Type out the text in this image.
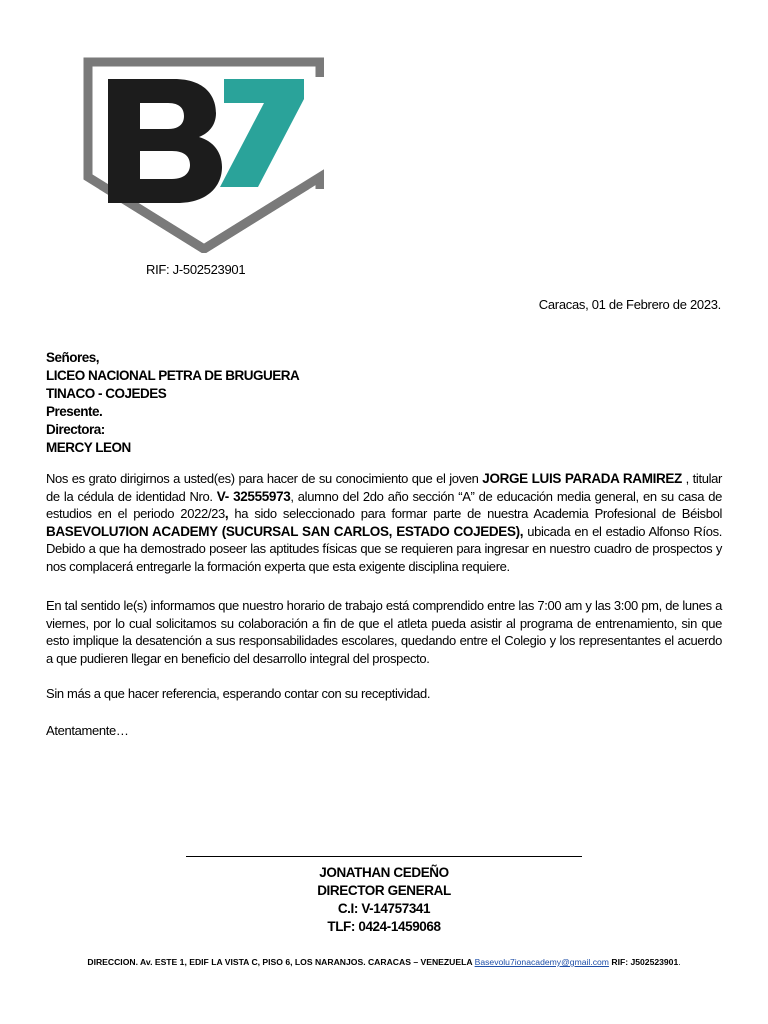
RIF: J-502523901
Caracas, 01 de Febrero de 2023.
Señores,
LICEO NACIONAL PETRA DE BRUGUERA
TINACO - COJEDES
Presente.
Directora:
MERCY LEON
Nos es grato dirigirnos a usted(es) para hacer de su conocimiento que el joven JORGE LUIS PARADA RAMIREZ , titular de la cédula de identidad Nro. V- 32555973, alumno del 2do año sección “A” de educación media general, en su casa de estudios en el periodo 2022/23, ha sido seleccionado para formar parte de nuestra Academia Profesional de Béisbol BASEVOLU7ION ACADEMY (SUCURSAL SAN CARLOS, ESTADO COJEDES), ubicada en el estadio Alfonso Ríos. Debido a que ha demostrado poseer las aptitudes físicas que se requieren para ingresar en nuestro cuadro de prospectos y nos complacerá entregarle la formación experta que esta exigente disciplina requiere.
En tal sentido le(s) informamos que nuestro horario de trabajo está comprendido entre las 7:00 am y las 3:00 pm, de lunes a viernes, por lo cual solicitamos su colaboración a fin de que el atleta pueda asistir al programa de entrenamiento, sin que esto implique la desatención a sus responsabilidades escolares, quedando entre el Colegio y los representantes el acuerdo a que pudieren llegar en beneficio del desarrollo integral del prospecto.
Sin más a que hacer referencia, esperando contar con su receptividad.
Atentamente…
JONATHAN CEDEÑO
DIRECTOR GENERAL
C.I: V-14757341
TLF: 0424-1459068
DIRECCION. Av. ESTE 1, EDIF LA VISTA C, PISO 6, LOS NARANJOS. CARACAS – VENEZUELA Basevolu7ionacademy@gmail.com RIF: J502523901.
